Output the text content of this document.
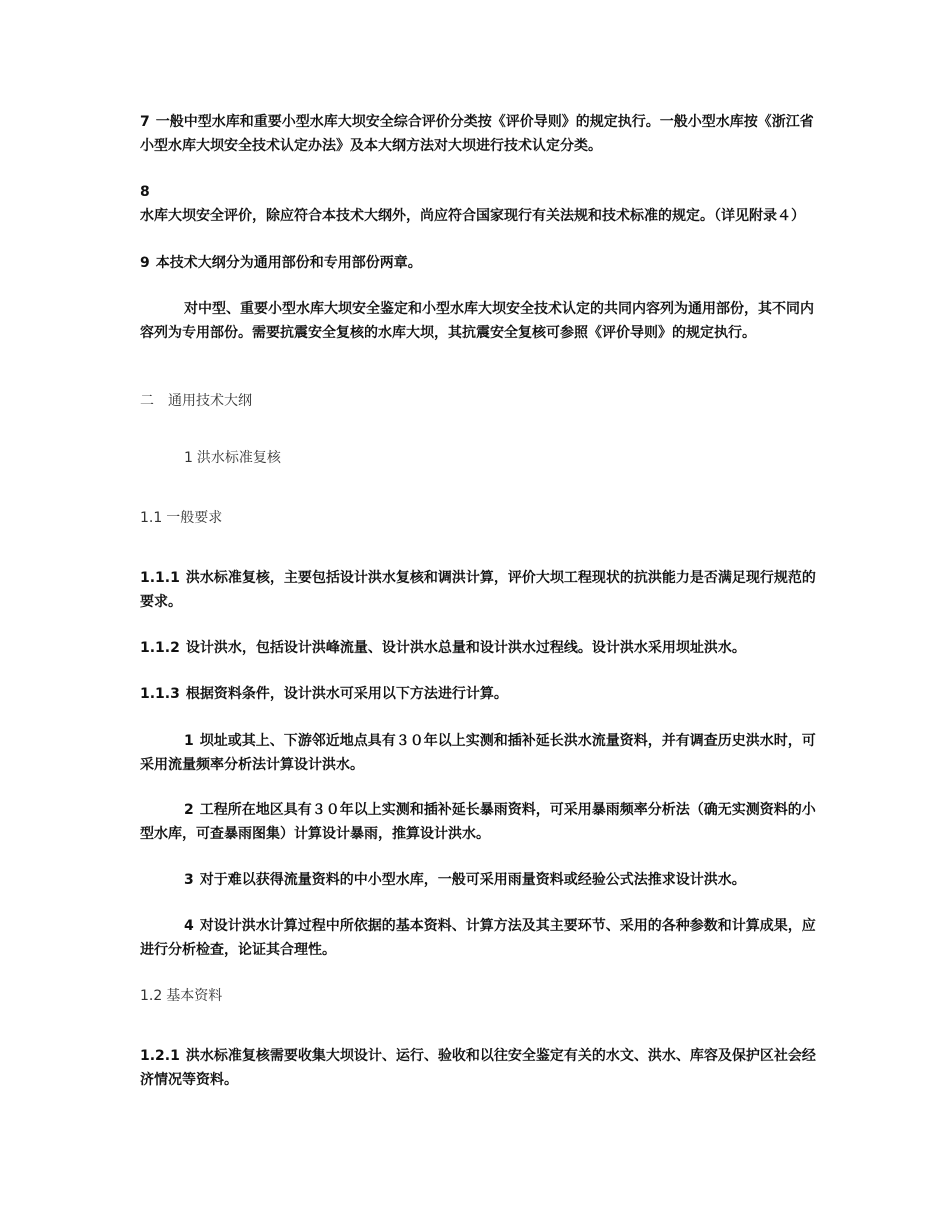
7 一般中型水库和重要小型水库大坝安全综合评价分类按《评价导则》的规定执行。一般小型水库按《浙江省小型水库大坝安全技术认定办法》及本大纲方法对大坝进行技术认定分类。

8水库大坝安全评价，除应符合本技术大纲外，尚应符合国家现行有关法规和技术标准的规定。（详见附录４）

9 本技术大纲分为通用部份和专用部份两章。

对中型、重要小型水库大坝安全鉴定和小型水库大坝安全技术认定的共同内容列为通用部份，其不同内容列为专用部份。需要抗震安全复核的水库大坝，其抗震安全复核可参照《评价导则》的规定执行。

二　通用技术大纲

1 洪水标准复核

1.1 一般要求

1.1.1 洪水标准复核，主要包括设计洪水复核和调洪计算，评价大坝工程现状的抗洪能力是否满足现行规范的要求。

1.1.2 设计洪水，包括设计洪峰流量、设计洪水总量和设计洪水过程线。设计洪水采用坝址洪水。

1.1.3 根据资料条件，设计洪水可采用以下方法进行计算。

1 坝址或其上、下游邻近地点具有３０年以上实测和插补延长洪水流量资料，并有调查历史洪水时，可采用流量频率分析法计算设计洪水。

2 工程所在地区具有３０年以上实测和插补延长暴雨资料，可采用暴雨频率分析法（确无实测资料的小型水库，可查暴雨图集）计算设计暴雨，推算设计洪水。

3 对于难以获得流量资料的中小型水库，一般可采用雨量资料或经验公式法推求设计洪水。

4 对设计洪水计算过程中所依据的基本资料、计算方法及其主要环节、采用的各种参数和计算成果，应进行分析检查，论证其合理性。

1.2 基本资料

1.2.1 洪水标准复核需要收集大坝设计、运行、验收和以往安全鉴定有关的水文、洪水、库容及保护区社会经济情况等资料。
